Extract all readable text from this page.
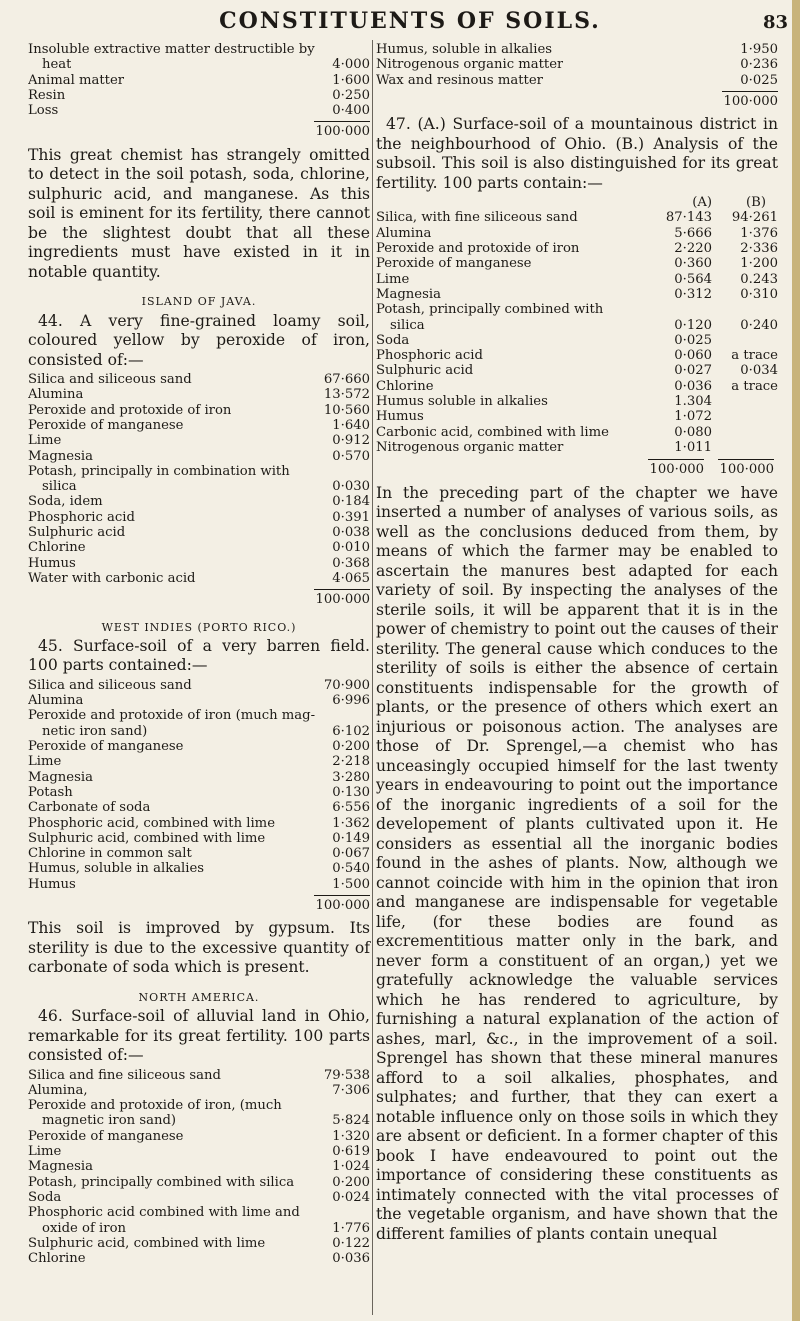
CONSTITUENTS OF SOILS.	83
Insoluble extractive matter destructible by
heat	4·000
Animal matter	1·600
Resin	0·250
Loss	0·400
100·000

This great chemist has strangely omitted to detect in the soil potash, soda, chlorine, sulphuric acid, and manganese. As this soil is eminent for its fertility, there cannot be the slightest doubt that all these ingredients must have existed in it in notable quantity.

ISLAND OF JAVA.

44. A very fine-grained loamy soil, coloured yellow by peroxide of iron, consisted of:—

Silica and siliceous sand	67·660
Alumina	13·572
Peroxide and protoxide of iron	10·560
Peroxide of manganese	1·640
Lime	0·912
Magnesia	0·570
Potash, principally in combination with
silica	0·030
Soda, idem	0·184
Phosphoric acid	0·391
Sulphuric acid	0·038
Chlorine	0·010
Humus	0·368
Water with carbonic acid	4·065
100·000
WEST INDIES (PORTO RICO.)

45. Surface-soil of a very barren field. 100 parts contained:—

Silica and siliceous sand	70·900
Alumina	6·996
Peroxide and protoxide of iron (much mag-
netic iron sand)	6·102
Peroxide of manganese	0·200
Lime	2·218
Magnesia	3·280
Potash	0·130
Carbonate of soda	6·556
Phosphoric acid, combined with lime	1·362
Sulphuric acid, combined with lime	0·149
Chlorine in common salt	0·067
Humus, soluble in alkalies	0·540
Humus	1·500
100·000

This soil is improved by gypsum. Its sterility is due to the excessive quantity of carbonate of soda which is present.

NORTH AMERICA.

46. Surface-soil of alluvial land in Ohio, remarkable for its great fertility. 100 parts consisted of:—

Silica and fine siliceous sand	79·538
Alumina,	7·306
Peroxide and protoxide of iron, (much
magnetic iron sand)	5·824
Peroxide of manganese	1·320
Lime	0·619
Magnesia	1·024
Potash, principally combined with silica	0·200
Soda	0·024
Phosphoric acid combined with lime and
oxide of iron	1·776
Sulphuric acid, combined with lime	0·122
Chlorine	0·036
Humus, soluble in alkalies	1·950
Nitrogenous organic matter	0·236
Wax and resinous matter	0·025
100·000

47. (A.) Surface-soil of a mountainous district in the neighbourhood of Ohio. (B.) Analysis of the subsoil. This soil is also distinguished for its great fertility. 100 parts contain:—

(A)	(B)
Silica, with fine siliceous sand	87·143	94·261
Alumina	5·666	1·376
Peroxide and protoxide of iron	2·220	2·336
Peroxide of manganese	0·360	1·200
Lime	0·564	0.243
Magnesia	0·312	0·310
Potash, principally combined with
silica	0·120	0·240
Soda	0·025
Phosphoric acid	0·060	a trace
Sulphuric acid	0·027	0·034
Chlorine	0·036	a trace
Humus soluble in alkalies	1.304
Humus	1·072
Carbonic acid, combined with lime	0·080
Nitrogenous organic matter	1·011
100·000 100·000

In the preceding part of the chapter we have inserted a number of analyses of various soils, as well as the conclusions deduced from them, by means of which the farmer may be enabled to ascertain the manures best adapted for each variety of soil. By inspecting the analyses of the sterile soils, it will be apparent that it is in the power of chemistry to point out the causes of their sterility. The general cause which conduces to the sterility of soils is either the absence of certain constituents indispensable for the growth of plants, or the presence of others which exert an injurious or poisonous action. The analyses are those of Dr. Sprengel,—a chemist who has unceasingly occupied himself for the last twenty years in endeavouring to point out the importance of the inorganic ingredients of a soil for the developement of plants cultivated upon it. He considers as essential all the inorganic bodies found in the ashes of plants. Now, although we cannot coincide with him in the opinion that iron and manganese are indispensable for vegetable life, (for these bodies are found as excrementitious matter only in the bark, and never form a constituent of an organ,) yet we gratefully acknowledge the valuable services which he has rendered to agriculture, by furnishing a natural explanation of the action of ashes, marl, &c., in the improvement of a soil. Sprengel has shown that these mineral manures afford to a soil alkalies, phosphates, and sulphates; and further, that they can exert a notable influence only on those soils in which they are absent or deficient. In a former chapter of this book I have endeavoured to point out the importance of considering these constituents as intimately connected with the vital processes of the vegetable organism, and have shown that the different families of plants contain unequal
